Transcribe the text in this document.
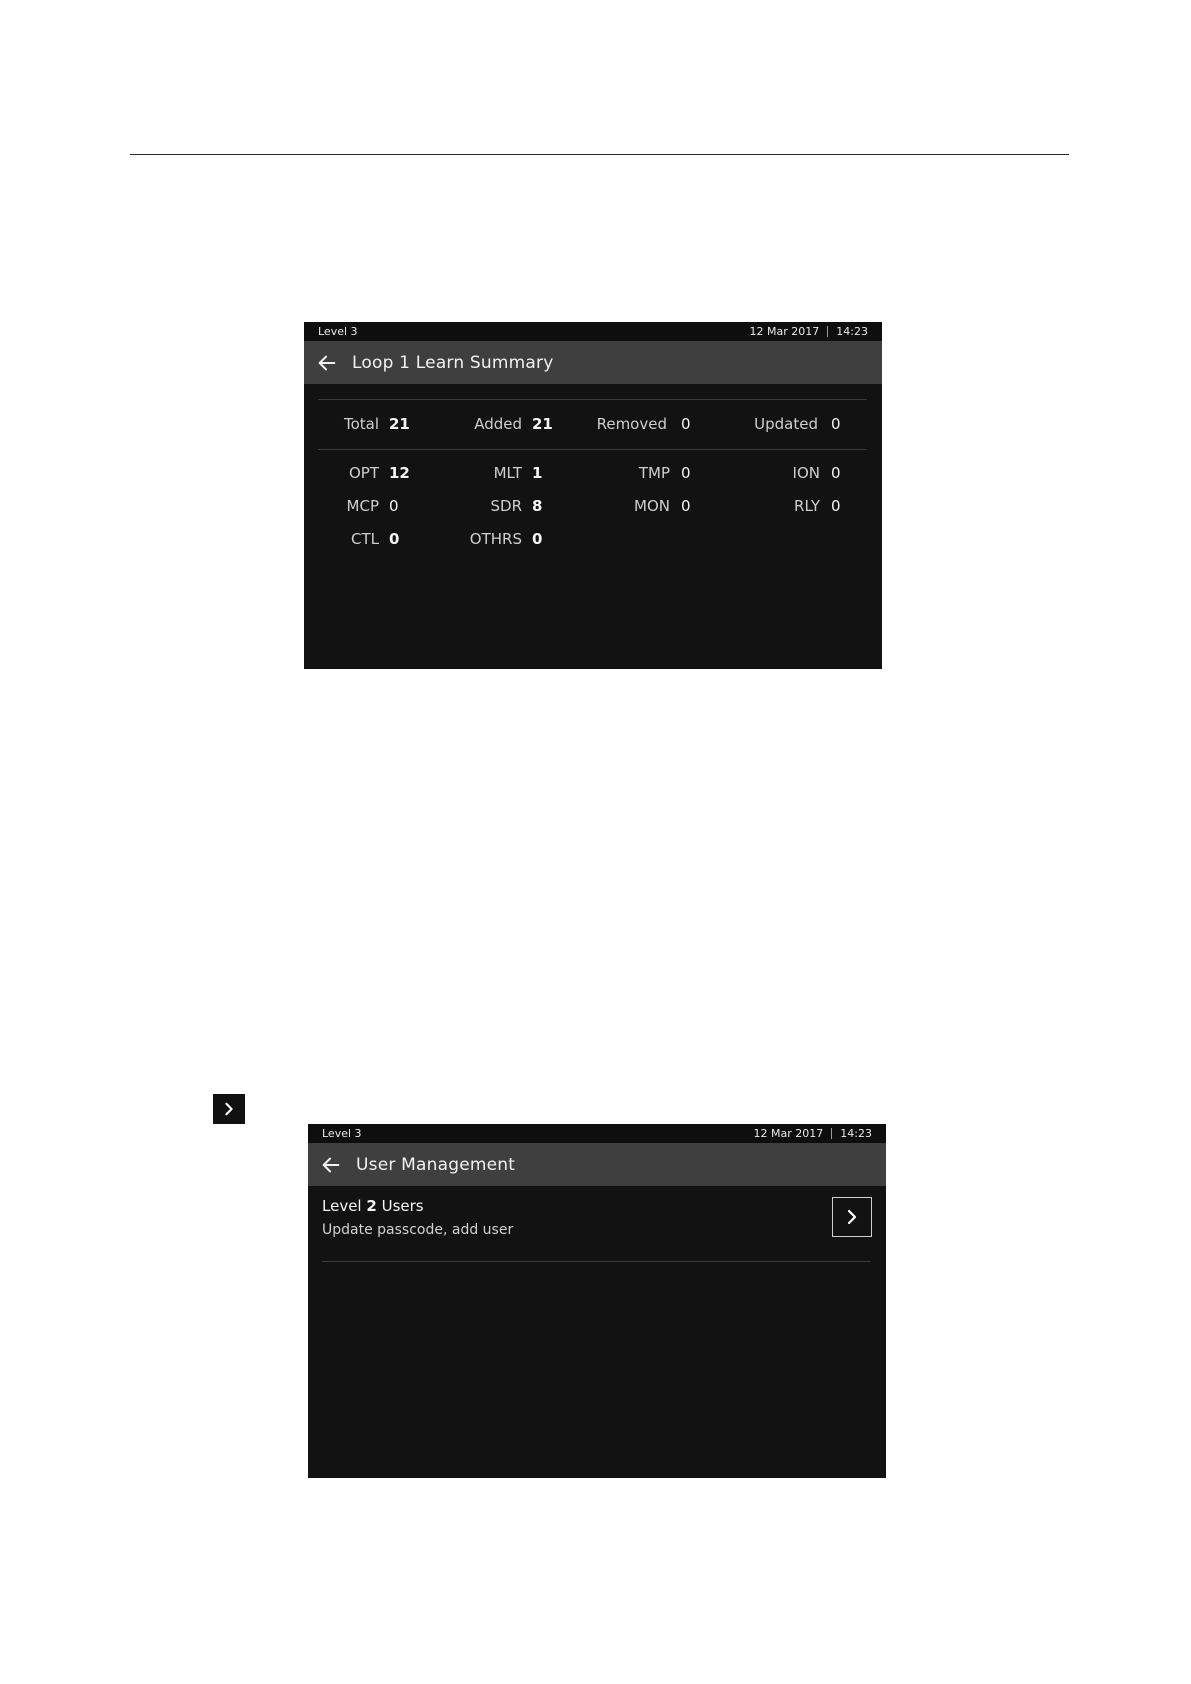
Level 3	12 Mar 2017 14:23
Loop 1 Learn Summary
Total 21	Added 21	Removed 0	Updated 0
OPT 12	MLT 1	TMP 0	ION 0
MCP 0	SDR 8	MON 0	RLY 0
CTL 0	OTHRS 0
Level 3	12 Mar 2017 14:23
User Management
Level 2 Users
Update passcode, add user
